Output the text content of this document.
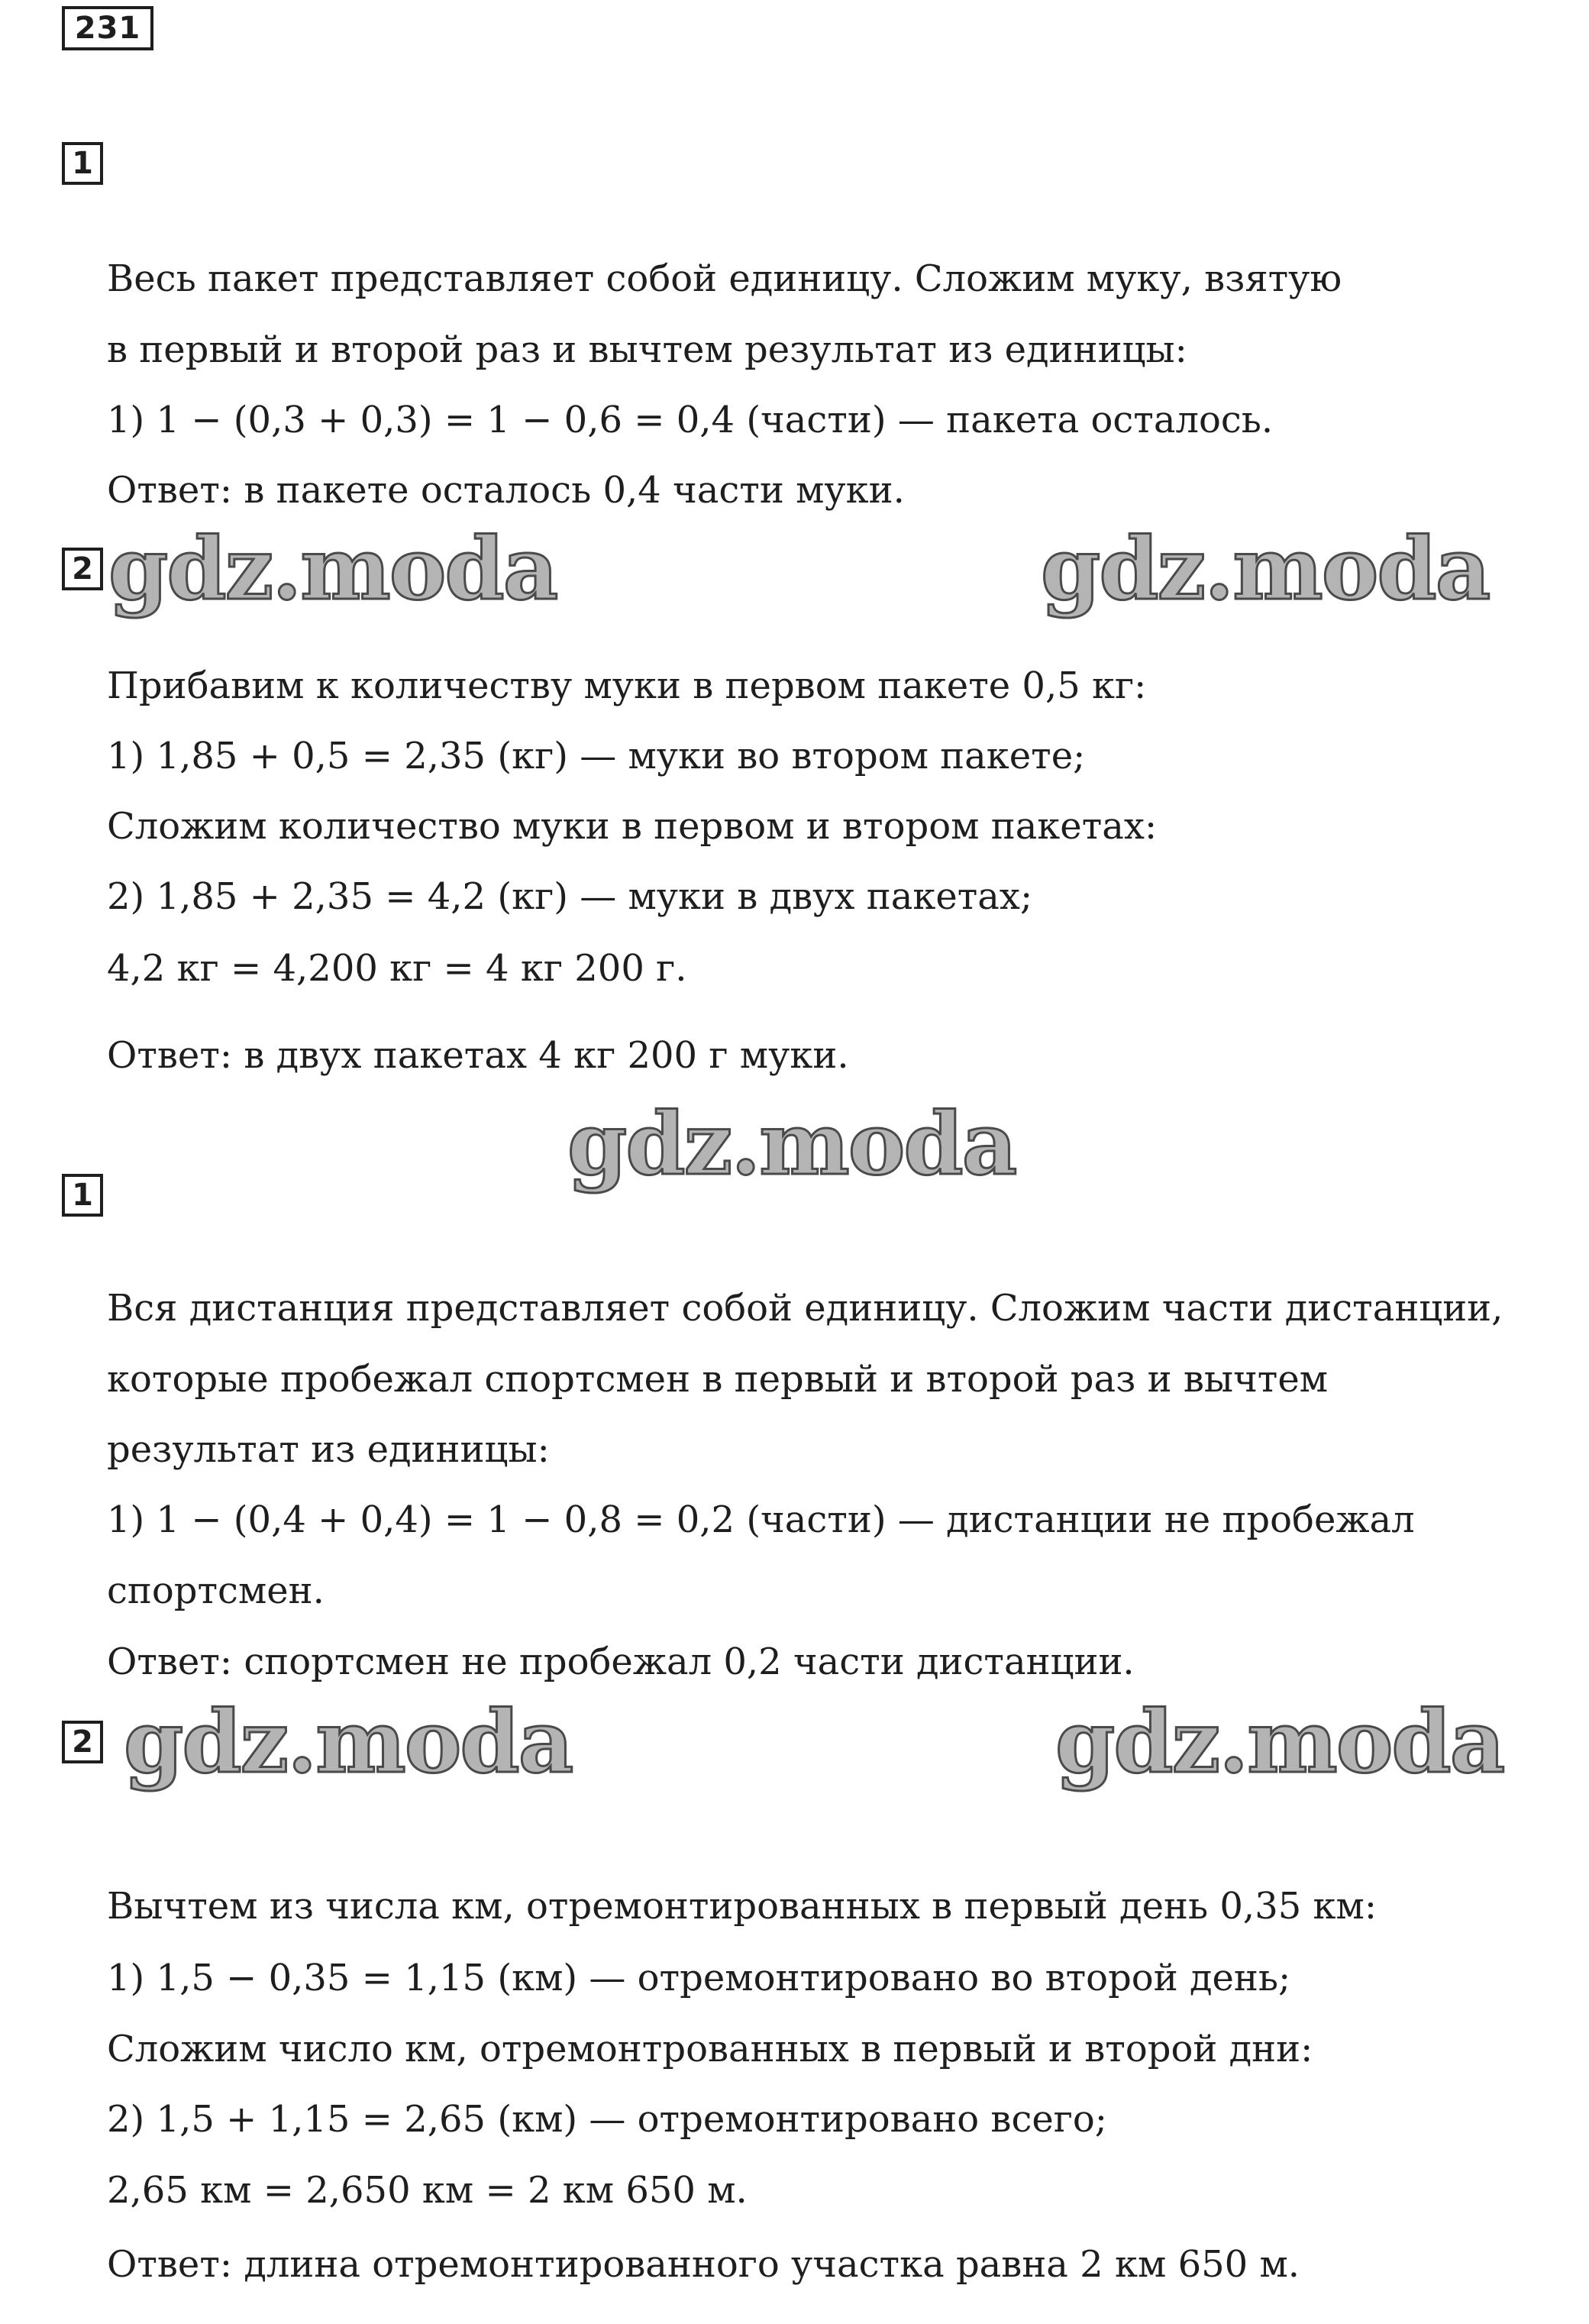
231
1
Весь пакет представляет собой единицу. Сложим муку, взятую
в первый и второй раз и вычтем результат из единицы:
1) 1 − (0,3 + 0,3) = 1 − 0,6 = 0,4 (части) — пакета осталось.
Ответ: в пакете осталось 0,4 части муки.
2 gdz.moda	gdz.moda
Прибавим к количеству муки в первом пакете 0,5 кг:
1) 1,85 + 0,5 = 2,35 (кг) — муки во втором пакете;
Сложим количество муки в первом и втором пакетах:
2) 1,85 + 2,35 = 4,2 (кг) — муки в двух пакетах;
4,2 кг = 4,200 кг = 4 кг 200 г.
Ответ: в двух пакетах 4 кг 200 г муки.
gdz.moda
1
Вся дистанция представляет собой единицу. Сложим части дистанции,
которые пробежал спортсмен в первый и второй раз и вычтем
результат из единицы:
1) 1 − (0,4 + 0,4) = 1 − 0,8 = 0,2 (части) — дистанции не пробежал
спортсмен.
Ответ: спортсмен не пробежал 0,2 части дистанции.
2 gdz.moda	gdz.moda
Вычтем из числа км, отремонтированных в первый день 0,35 км:
1) 1,5 − 0,35 = 1,15 (км) — отремонтировано во второй день;
Сложим число км, отремонтрованных в первый и второй дни:
2) 1,5 + 1,15 = 2,65 (км) — отремонтировано всего;
2,65 км = 2,650 км = 2 км 650 м.
Ответ: длина отремонтированного участка равна 2 км 650 м.
